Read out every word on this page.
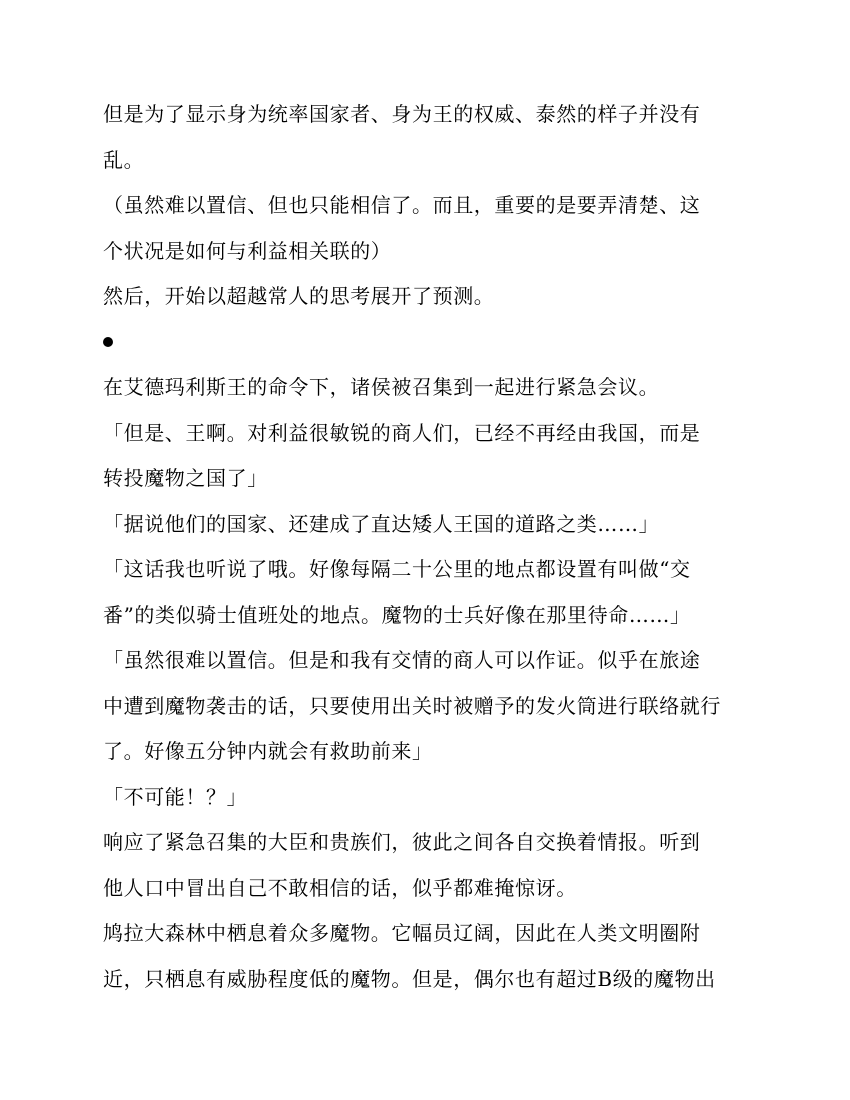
但是为了显示身为统率国家者、身为王的权威、泰然的样子并没有
乱。
（虽然难以置信、但也只能相信了。而且，重要的是要弄清楚、这
个状况是如何与利益相关联的）
然后，开始以超越常人的思考展开了预测。
在艾德玛利斯王的命令下，诸侯被召集到一起进行紧急会议。
「但是、王啊。对利益很敏锐的商人们，已经不再经由我国，而是
转投魔物之国了」
「据说他们的国家、还建成了直达矮人王国的道路之类……」
「这话我也听说了哦。好像每隔二十公里的地点都设置有叫做“交
番”的类似骑士值班处的地点。魔物的士兵好像在那里待命……」
「虽然很难以置信。但是和我有交情的商人可以作证。似乎在旅途
中遭到魔物袭击的话，只要使用出关时被赠予的发火筒进行联络就行
了。好像五分钟内就会有救助前来」
「不可能！？」
响应了紧急召集的大臣和贵族们，彼此之间各自交换着情报。听到
他人口中冒出自己不敢相信的话，似乎都难掩惊讶。
鸠拉大森林中栖息着众多魔物。它幅员辽阔，因此在人类文明圈附
近，只栖息有威胁程度低的魔物。但是，偶尔也有超过B级的魔物出
